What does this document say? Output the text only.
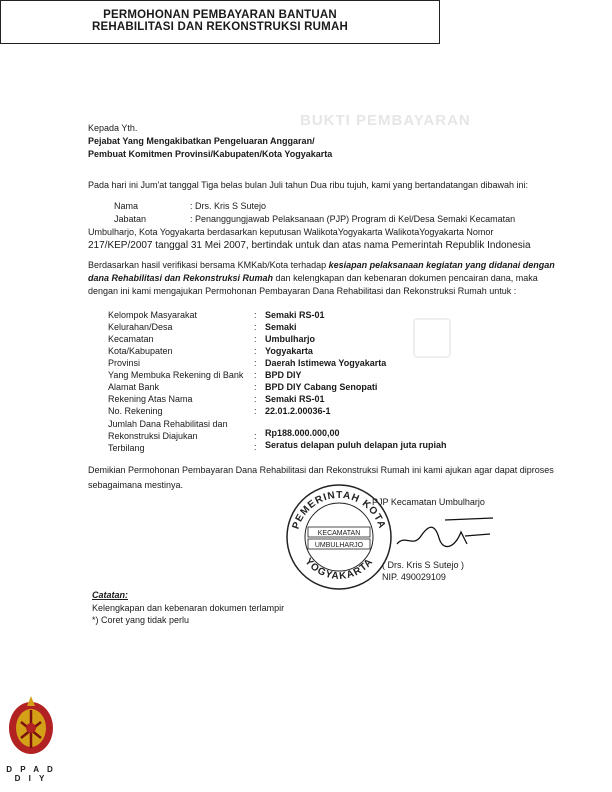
BUKTI PEMBAYARAN
PERMOHONAN PEMBAYARAN BANTUAN
REHABILITASI DAN REKONSTRUKSI RUMAH
Kepada Yth.
Pejabat Yang Mengakibatkan Pengeluaran Anggaran/
Pembuat Komitmen Provinsi/Kabupaten/Kota Yogyakarta
Pada hari ini Jum'at tanggal Tiga belas bulan Juli tahun Dua ribu tujuh, kami yang bertandatangan dibawah ini:
Nama	: Drs. Kris S Sutejo
Jabatan	: Penanggungjawab Pelaksanaan (PJP) Program di Kel/Desa Semaki Kecamatan
Umbulharjo, Kota Yogyakarta berdasarkan keputusan WalikotaYogyakarta WalikotaYogyakarta Nomor
217/KEP/2007 tanggal 31 Mei 2007, bertindak untuk dan atas nama Pemerintah Republik Indonesia
Berdasarkan hasil verifikasi bersama KMKab/Kota terhadap kesiapan pelaksanaan kegiatan yang didanai dengan
dana Rehabilitasi dan Rekonstruksi Rumah dan kelengkapan dan kebenaran dokumen pencairan dana, maka
dengan ini kami mengajukan Permohonan Pembayaran Dana Rehabilitasi dan Rekonstruksi Rumah untuk :
Kelompok Masyarakat	: Semaki RS-01
Kelurahan/Desa	: Semaki
Kecamatan	: Umbulharjo
Kota/Kabupaten	: Yogyakarta
Provinsi	: Daerah Istimewa Yogyakarta
Yang Membuka Rekening di Bank : BPD DIY
Alamat Bank	: BPD DIY Cabang Senopati
Rekening Atas Nama	: Semaki RS-01
No. Rekening	: 22.01.2.00036-1
Jumlah Dana Rehabilitasi dan
Rekonstruksi Diajukan	: Rp188.000.000,00
Terbilang	: Seratus delapan puluh delapan juta rupiah
Demikian Permohonan Pembayaran Dana Rehabilitasi dan Rekonstruksi Rumah ini kami ajukan agar dapat diproses
sebagaimana mestinya.
PJP Kecamatan Umbulharjo
PEMERINTAH KOTA
YOGYAKARTA
KECAMATAN
UMBULHARJO
( Drs. Kris S Sutejo )
NIP. 490029109
Catatan:
Kelengkapan dan kebenaran dokumen terlampir
*) Coret yang tidak perlu
D P A D
D I Y
